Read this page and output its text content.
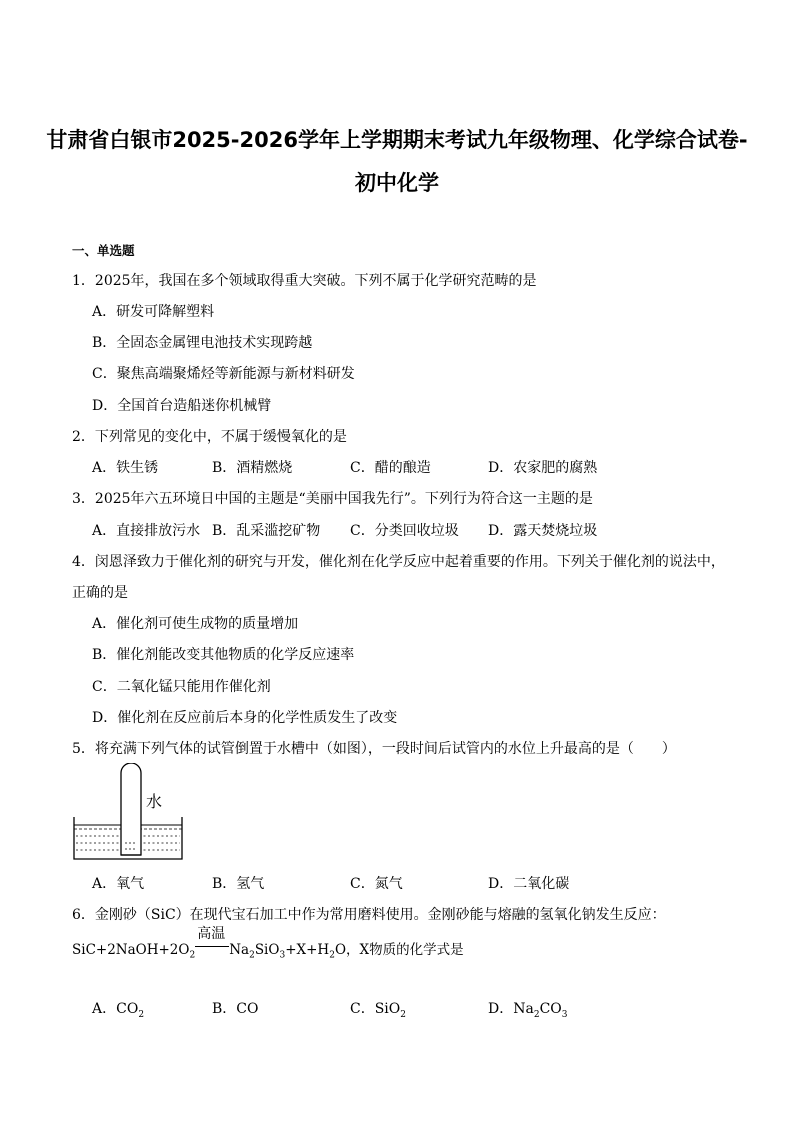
甘肃省白银市2025-2026学年上学期期末考试九年级物理、化学综合试卷-
初中化学
一、单选题
1．2025年，我国在多个领域取得重大突破。下列不属于化学研究范畴的是
A．研发可降解塑料
B．全固态金属锂电池技术实现跨越
C．聚焦高端聚烯烃等新能源与新材料研发
D．全国首台造船迷你机械臂
2．下列常见的变化中，不属于缓慢氧化的是
A．铁生锈	B．酒精燃烧	C．醋的酿造	D．农家肥的腐熟
3．2025年六五环境日中国的主题是“美丽中国我先行”。下列行为符合这一主题的是
A．直接排放污水 B．乱采滥挖矿物 C．分类回收垃圾 D．露天焚烧垃圾
4．闵恩泽致力于催化剂的研究与开发，催化剂在化学反应中起着重要的作用。下列关于催化剂的说法中，
正确的是
A．催化剂可使生成物的质量增加
B．催化剂能改变其他物质的化学反应速率
C．二氧化锰只能用作催化剂
D．催化剂在反应前后本身的化学性质发生了改变
5．将充满下列气体的试管倒置于水槽中（如图），一段时间后试管内的水位上升最高的是（　　）
水
A．氧气	B．氢气	C．氮气	D．二氧化碳
6．金刚砂（SiC）在现代宝石加工中作为常用磨料使用。金刚砂能与熔融的氢氧化钠发生反应：
$SiC+2NaOH+2O_2$
高温
$Na_2SiO_3+X+H_2O$，X物质的化学式是
A．$CO_2$	B．CO	C．SiO$_2$	D．$Na_2CO_3$
